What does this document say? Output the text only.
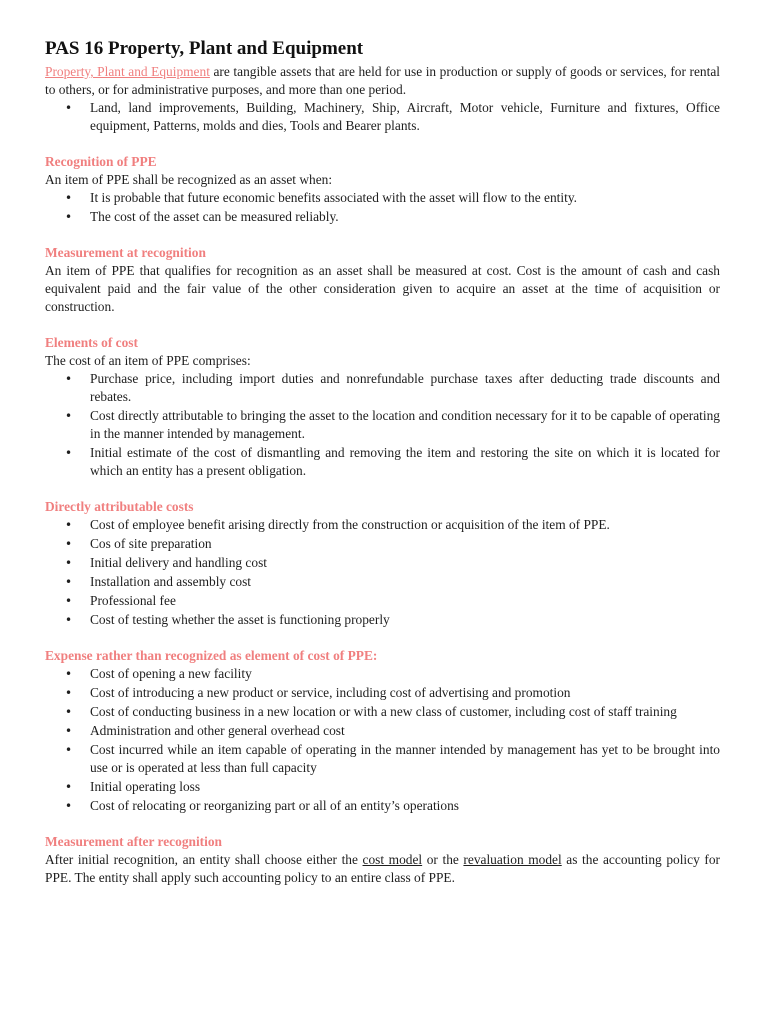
PAS 16 Property, Plant and Equipment

Property, Plant and Equipment are tangible assets that are held for use in production or supply of goods or services, for rental to others, or for administrative purposes, and more than one period.

• Land, land improvements, Building, Machinery, Ship, Aircraft, Motor vehicle, Furniture and fixtures, Office equipment, Patterns, molds and dies, Tools and Bearer plants.
Recognition of PPE

An item of PPE shall be recognized as an asset when:

• It is probable that future economic benefits associated with the asset will flow to the entity.
• The cost of the asset can be measured reliably.
Measurement at recognition

An item of PPE that qualifies for recognition as an asset shall be measured at cost. Cost is the amount of cash and cash equivalent paid and the fair value of the other consideration given to acquire an asset at the time of acquisition or construction.

Elements of cost

The cost of an item of PPE comprises:

• Purchase price, including import duties and nonrefundable purchase taxes after deducting trade discounts and rebates.
• Cost directly attributable to bringing the asset to the location and condition necessary for it to be capable of operating in the manner intended by management.
• Initial estimate of the cost of dismantling and removing the item and restoring the site on which it is located for which an entity has a present obligation.
Directly attributable costs
• Cost of employee benefit arising directly from the construction or acquisition of the item of PPE.
• Cos of site preparation
• Initial delivery and handling cost
• Installation and assembly cost
• Professional fee
• Cost of testing whether the asset is functioning properly
Expense rather than recognized as element of cost of PPE:
• Cost of opening a new facility
• Cost of introducing a new product or service, including cost of advertising and promotion
• Cost of conducting business in a new location or with a new class of customer, including cost of staff training
• Administration and other general overhead cost
• Cost incurred while an item capable of operating in the manner intended by management has yet to be brought into use or is operated at less than full capacity
• Initial operating loss
• Cost of relocating or reorganizing part or all of an entity’s operations
Measurement after recognition

After initial recognition, an entity shall choose either the cost model or the revaluation model as the accounting policy for PPE. The entity shall apply such accounting policy to an entire class of PPE.
